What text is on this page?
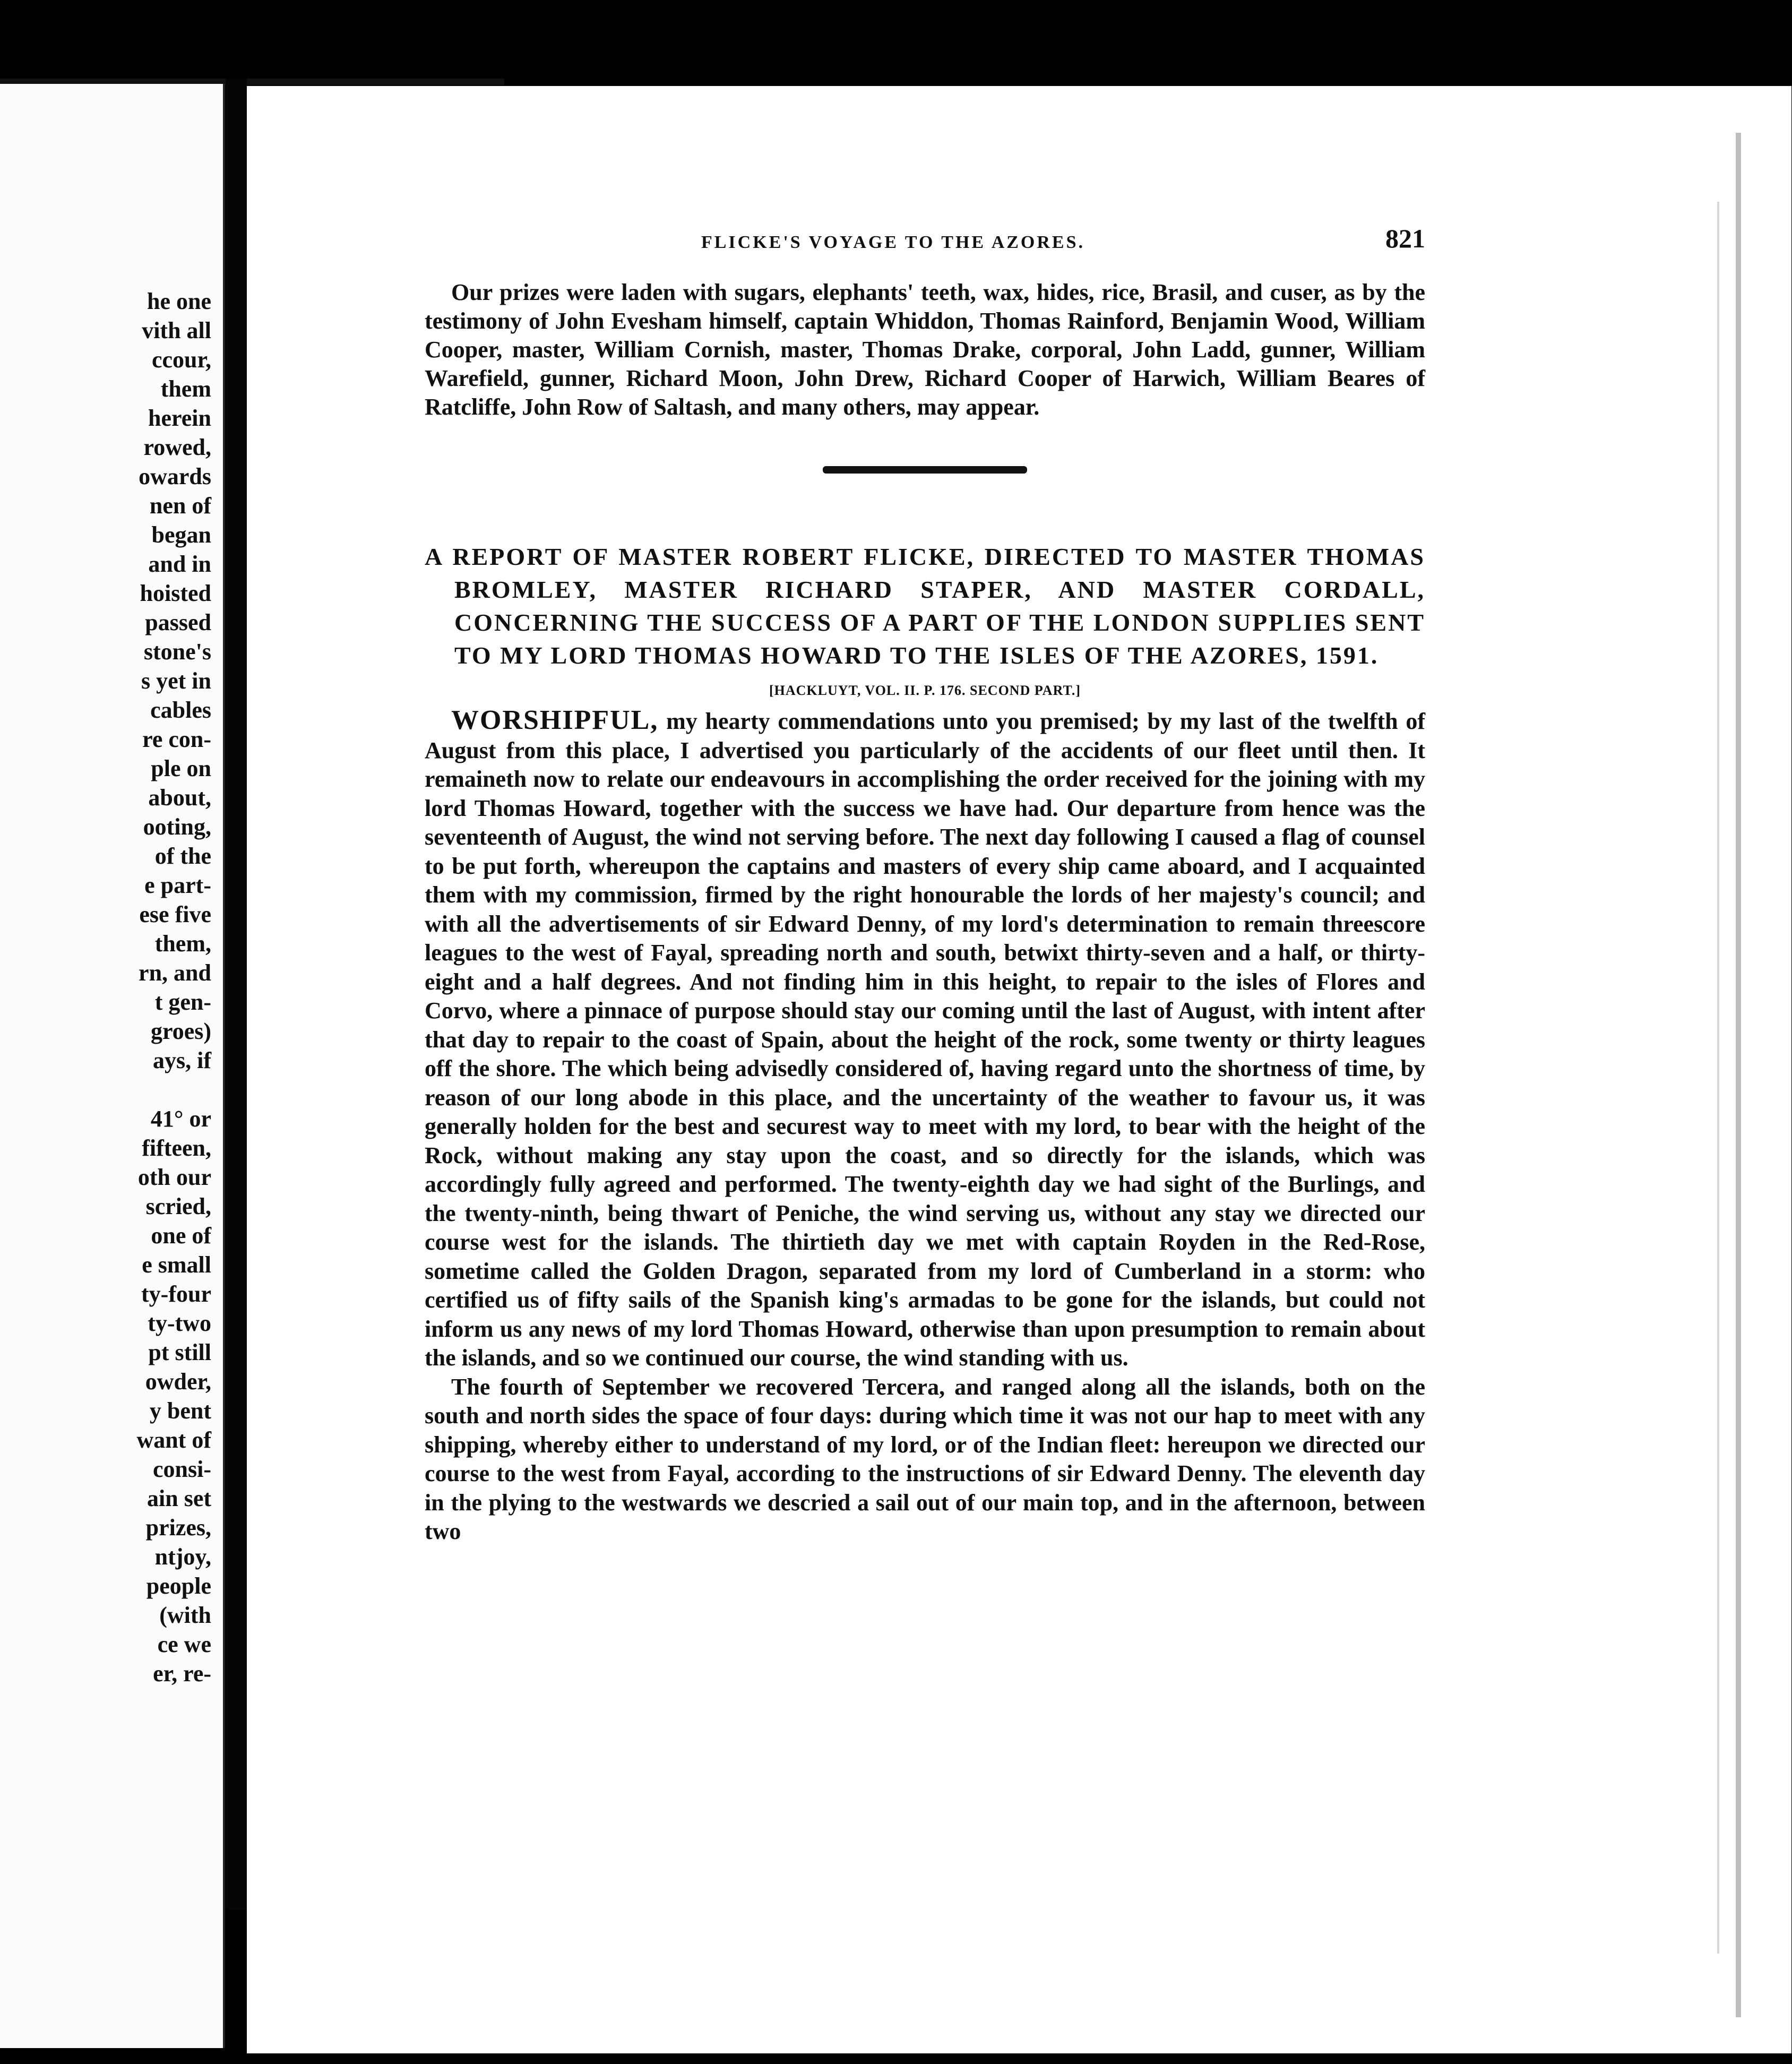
he one
vith all
ccour,
them
herein
rowed,
owards
nen of
began
and in
hoisted
passed
stone's
s yet in
cables
re con-
ple on
about,
ooting,
of the
e part-
ese five
them,
rn, and
t gen-
groes)
ays, if

41° or
fifteen,
oth our
scried,
one of
e small
ty-four
ty-two
pt still
owder,
y bent
want of
consi-
ain set
prizes,
ntjoy,
people
(with
ce we
er, re-
FLICKE'S VOYAGE TO THE AZORES.	821

Our prizes were laden with sugars, elephants' teeth, wax, hides, rice, Brasil, and cuser, as by the testimony of John Evesham himself, captain Whiddon, Thomas Rainford, Benjamin Wood, William Cooper, master, William Cornish, master, Thomas Drake, corporal, John Ladd, gunner, William Warefield, gunner, Richard Moon, John Drew, Richard Cooper of Harwich, William Beares of Ratcliffe, John Row of Saltash, and many others, may appear.

A REPORT OF MASTER ROBERT FLICKE, DIRECTED TO MASTER THOMAS BROMLEY, MASTER RICHARD STAPER, AND MASTER CORDALL, CONCERNING THE SUCCESS OF A PART OF THE LONDON SUPPLIES SENT TO MY LORD THOMAS HOWARD TO THE ISLES OF THE AZORES, 1591.
[HACKLUYT, VOL. II. P. 176. SECOND PART.]

WORSHIPFUL, my hearty commendations unto you premised; by my last of the twelfth of August from this place, I advertised you particularly of the accidents of our fleet until then. It remaineth now to relate our endeavours in accomplishing the order received for the joining with my lord Thomas Howard, together with the success we have had. Our departure from hence was the seventeenth of August, the wind not serving before. The next day following I caused a flag of counsel to be put forth, whereupon the captains and masters of every ship came aboard, and I acquainted them with my commission, firmed by the right honourable the lords of her majesty's council; and with all the advertisements of sir Edward Denny, of my lord's determination to remain threescore leagues to the west of Fayal, spreading north and south, betwixt thirty-seven and a half, or thirty-eight and a half degrees. And not finding him in this height, to repair to the isles of Flores and Corvo, where a pinnace of purpose should stay our coming until the last of August, with intent after that day to repair to the coast of Spain, about the height of the rock, some twenty or thirty leagues off the shore. The which being advisedly considered of, having regard unto the shortness of time, by reason of our long abode in this place, and the uncertainty of the weather to favour us, it was generally holden for the best and securest way to meet with my lord, to bear with the height of the Rock, without making any stay upon the coast, and so directly for the islands, which was accordingly fully agreed and performed. The twenty-eighth day we had sight of the Burlings, and the twenty-ninth, being thwart of Peniche, the wind serving us, without any stay we directed our course west for the islands. The thirtieth day we met with captain Royden in the Red-Rose, sometime called the Golden Dragon, separated from my lord of Cumberland in a storm: who certified us of fifty sails of the Spanish king's armadas to be gone for the islands, but could not inform us any news of my lord Thomas Howard, otherwise than upon presumption to remain about the islands, and so we continued our course, the wind standing with us.

The fourth of September we recovered Tercera, and ranged along all the islands, both on the south and north sides the space of four days: during which time it was not our hap to meet with any shipping, whereby either to understand of my lord, or of the Indian fleet: hereupon we directed our course to the west from Fayal, according to the instructions of sir Edward Denny. The eleventh day in the plying to the westwards we descried a sail out of our main top, and in the afternoon, between two
